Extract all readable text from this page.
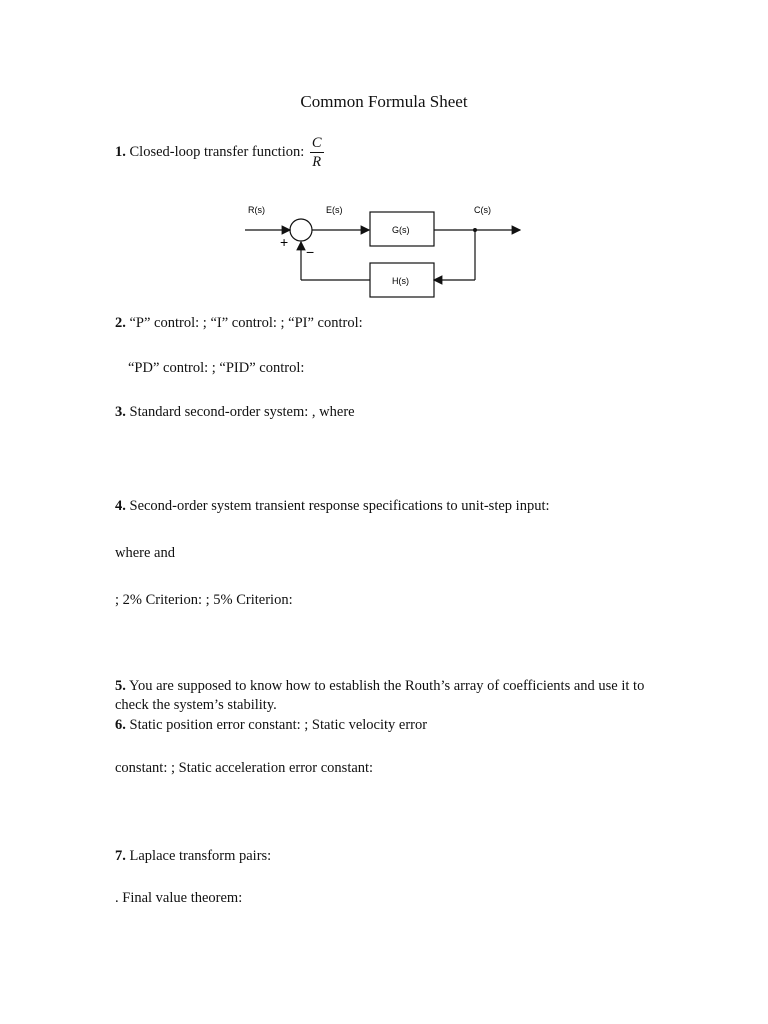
Common Formula Sheet
1. Closed-loop transfer function: $\frac{C}{R}$
R(s)	E(s)	C(s)
G(s)
H(s)
+
−
2. “P” control: ; “I” control: ; “PI” control:
“PD” control: ; “PID” control:
3. Standard second-order system: , where
4. Second-order system transient response specifications to unit-step input:
where and
; 2% Criterion: ; 5% Criterion:
5. You are supposed to know how to establish the Routh’s array of coefficients and use it to check the system’s stability.
6. Static position error constant: ; Static velocity error
constant: ; Static acceleration error constant:
7. Laplace transform pairs:
. Final value theorem:
